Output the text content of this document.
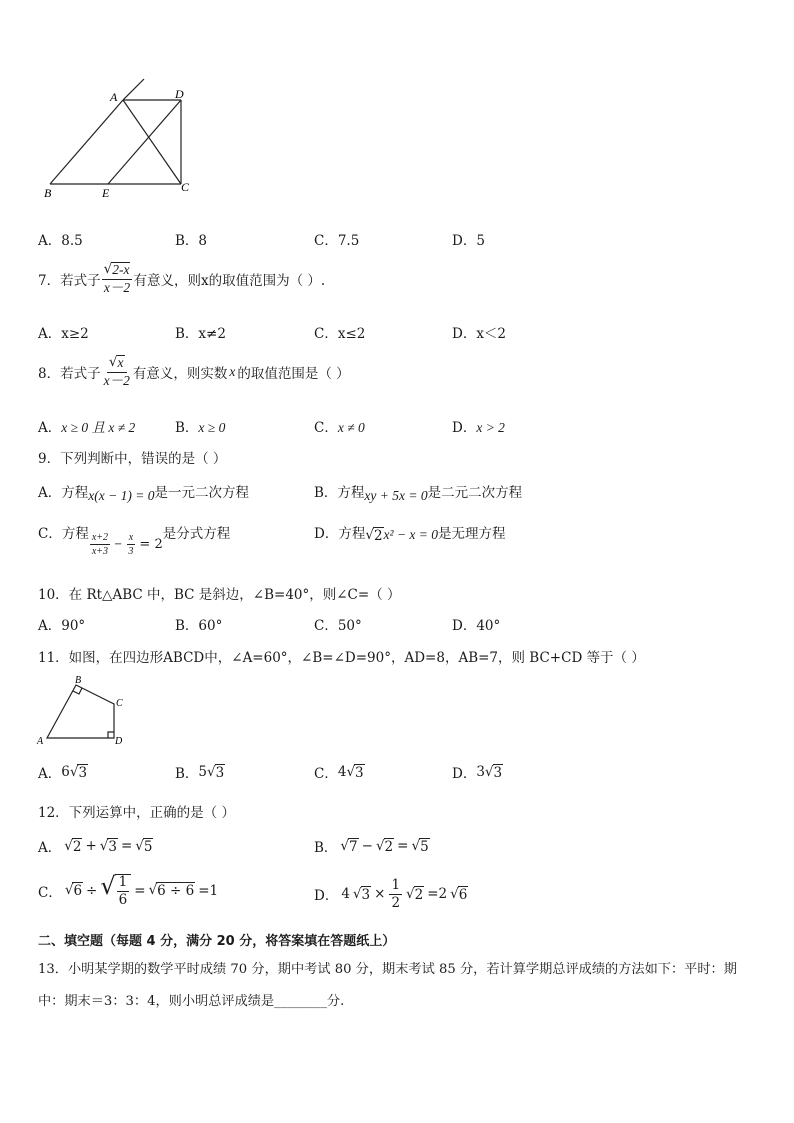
A	D
B	E	C
A．8.5	B．8	C．7.5	D．5
7．若式子 $\frac{√ 2-x}{x-2}$ 有意义，则x的取值范围为（ ）.
A．x≥2	B．x≠2	C．x≤2	D．x＜2
8．若式子 $\frac{√ x}{x-2}$ 有意义，则实数 x 的取值范围是（ ）
A．x ≥ 0 且 x ≠ 2	B．x ≥ 0	C．x ≠ 0	D．x > 2
9．下列判断中，错误的是（ ）
A．方程x(x − 1) = 0是一元二次方程	B．方程xy + 5x = 0是二元二次方程
C．方程 $\frac{x+2}{x+3} - \frac{x}{3} = 2$
是分式方程	D．方程 √ 2 x² − x = 0 是无理方程
10．在 Rt△ABC 中，BC 是斜边，∠B=40°，则∠C=（ ）
A．90°	B．60°	C．50°	D．40°
11．如图，在四边形ABCD中，∠A=60°，∠B=∠D=90°，AD=8，AB=7，则 BC+CD 等于（ ）
A
B
C
D
A． 6 √ 3	B． 5 √ 3	C． 4 √ 3	D． 3 √ 3
12．下列运算中，正确的是（ ）
A． √ 2 + √ 3 = √ 5	B． √ 7 − √ 2 = √ 5
C． √ 6 ÷ √ $\frac{1}{6}$ = √ 6 ÷ 6 =1	D． 4 √ $3 \times \frac{1}{2}$ √ 2 =2 √ 6
二、填空题（每题 4 分，满分 20 分，将答案填在答题纸上）
13．小明某学期的数学平时成绩 70 分，期中考试 80 分，期末考试 85 分，若计算学期总评成绩的方法如下：平时：期
中：期末＝3：3：4，则小明总评成绩是________分.
